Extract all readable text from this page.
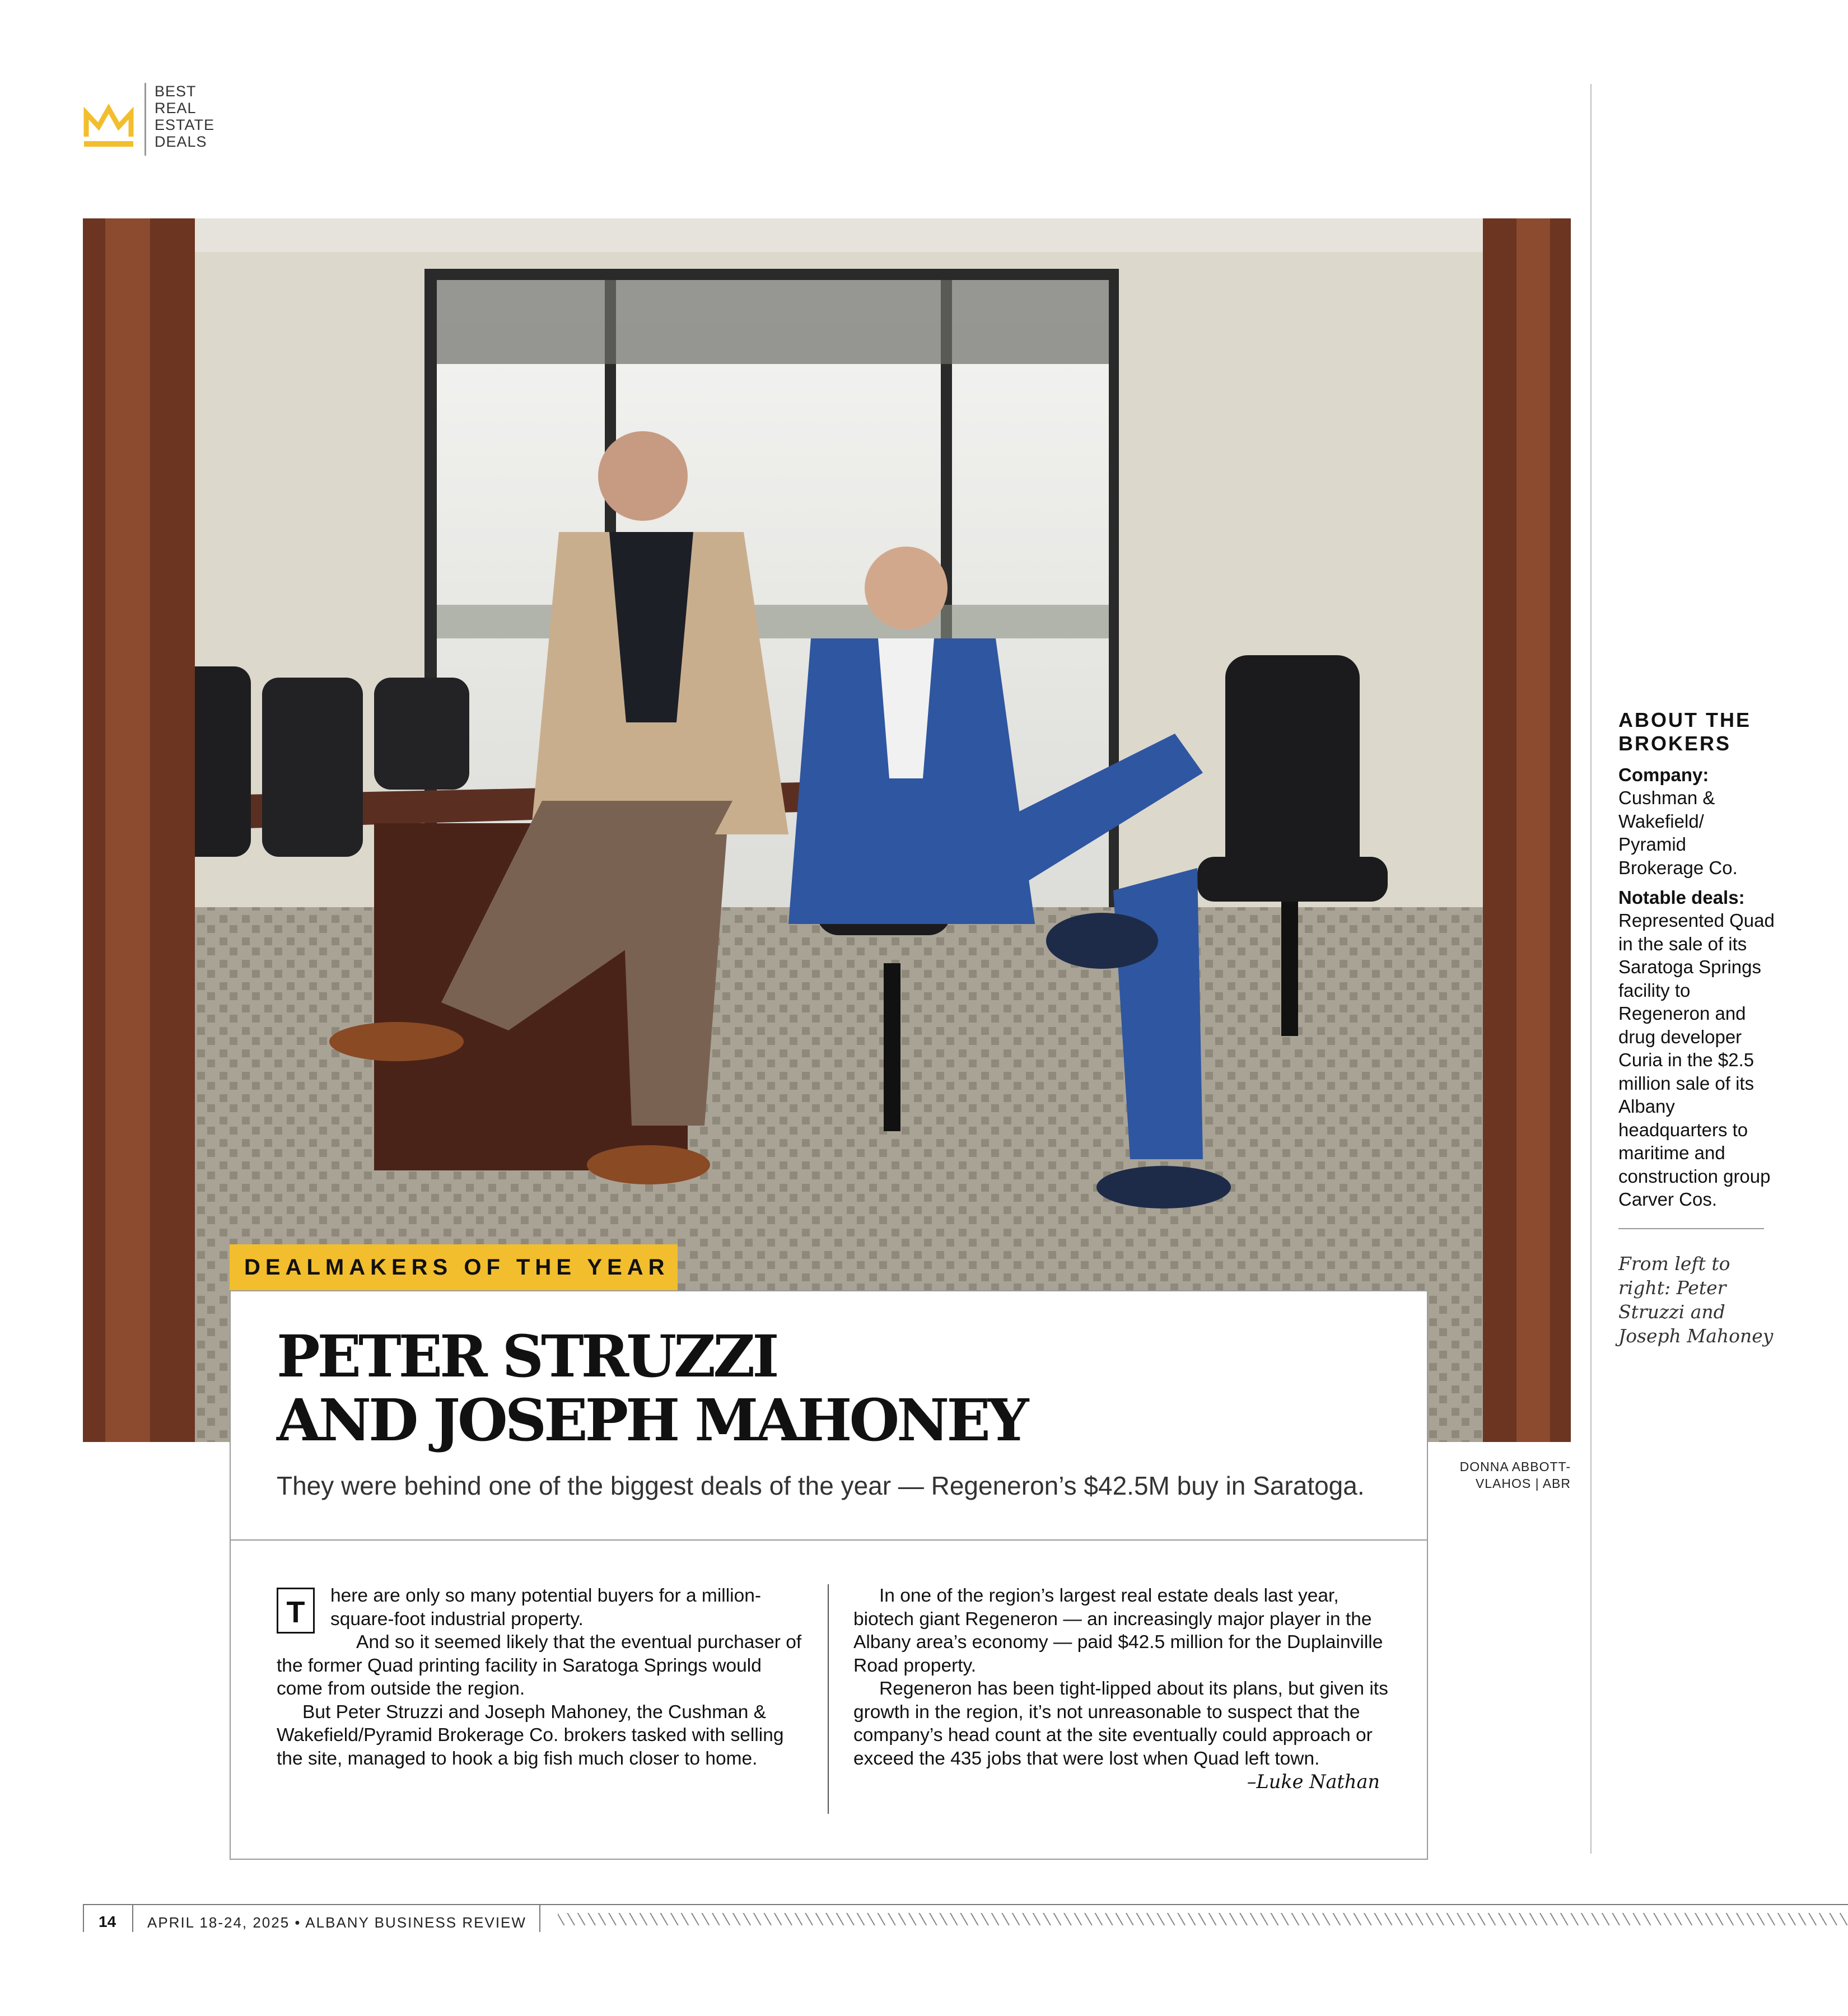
BEST
REAL
ESTATE
DEALS
DEALMAKERS OF THE YEAR
PETER STRUZZI
AND JOSEPH MAHONEY
They were behind one of the biggest deals of the year — Regeneron’s $42.5M buy in Saratoga.
DONNA ABBOTT-
VLAHOS | ABR
T	here are only so many potential buyers for a million-square-foot industrial property.

And so it seemed likely that the eventual purchaser of the former Quad printing facility in Saratoga Springs would come from outside the region.

But Peter Struzzi and Joseph Mahoney, the Cushman & Wakefield/Pyramid Brokerage Co. brokers tasked with selling the site, managed to hook a big fish much closer to home.

In one of the region’s largest real estate deals last year, biotech giant Regeneron — an increasingly major player in the Albany area’s economy — paid $42.5 million for the Duplainville Road property.

Regeneron has been tight-lipped about its plans, but given its growth in the region, it’s not unreasonable to suspect that the company’s head count at the site eventually could approach or exceed the 435 jobs that were lost when Quad left town.

–Luke Nathan

ABOUT THE
BROKERS
Company:

Cushman & Wakefield/ Pyramid Brokerage Co.

Notable deals:

Represented Quad in the sale of its Saratoga Springs facility to Regeneron and drug developer Curia in the $2.5 million sale of its Albany headquarters to maritime and construction group Carver Cos.

From left to right: Peter Struzzi and Joseph Mahoney
14 APRIL 18-24, 2025 • ALBANY BUSINESS REVIEW
